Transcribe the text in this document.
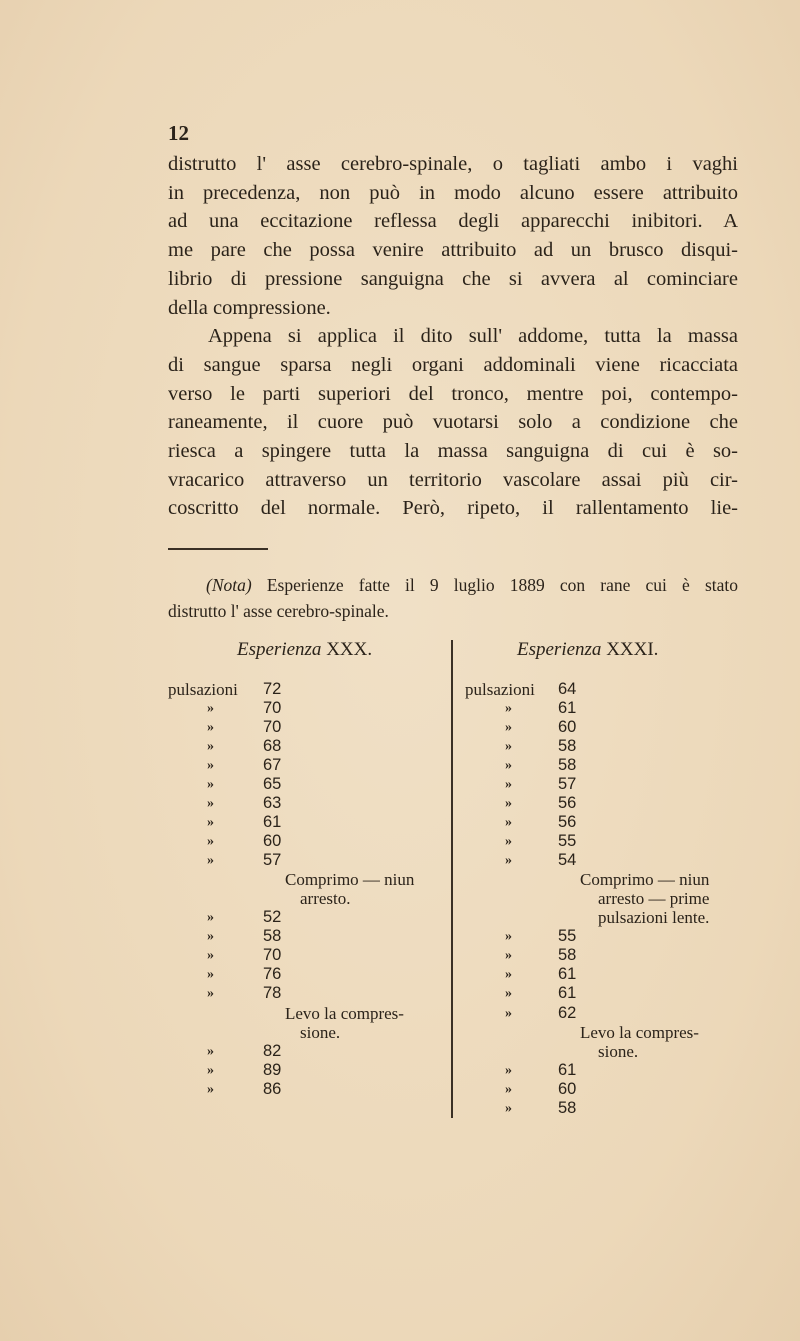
12
distrutto l' asse cerebro-spinale, o tagliati ambo i vaghi
in precedenza, non può in modo alcuno essere attribuito
ad una eccitazione reflessa degli apparecchi inibitori. A
me pare che possa venire attribuito ad un brusco disqui-
librio di pressione sanguigna che si avvera al cominciare
della compressione.
Appena si applica il dito sull' addome, tutta la massa
di sangue sparsa negli organi addominali viene ricacciata
verso le parti superiori del tronco, mentre poi, contempo-
raneamente, il cuore può vuotarsi solo a condizione che
riesca a spingere tutta la massa sanguigna di cui è so-
vracarico attraverso un territorio vascolare assai più cir-
coscritto del normale. Però, ripeto, il rallentamento lie-
(Nota) Esperienze fatte il 9 luglio 1889 con rane cui è stato
distrutto l' asse cerebro-spinale.
Esperienza XXX.	Esperienza XXXI.
pulsazioni 72
»	70
»	70
»	68
»	67
»	65
»	63
»	61
»	60
»	57
Comprimo — niun
arresto.
»	52
»	58
»	70
»	76
»	78
Levo la compres-
sione.
»	82
»	89
»	86
pulsazioni 64
»	61
»	60
»	58
»	58
»	57
»	56
»	56
»	55
»	54
Comprimo — niun
arresto — prime
pulsazioni lente.
»	55
»	58
»	61
»	61
»	62
Levo la compres-
sione.
»	61
»	60
»	58
